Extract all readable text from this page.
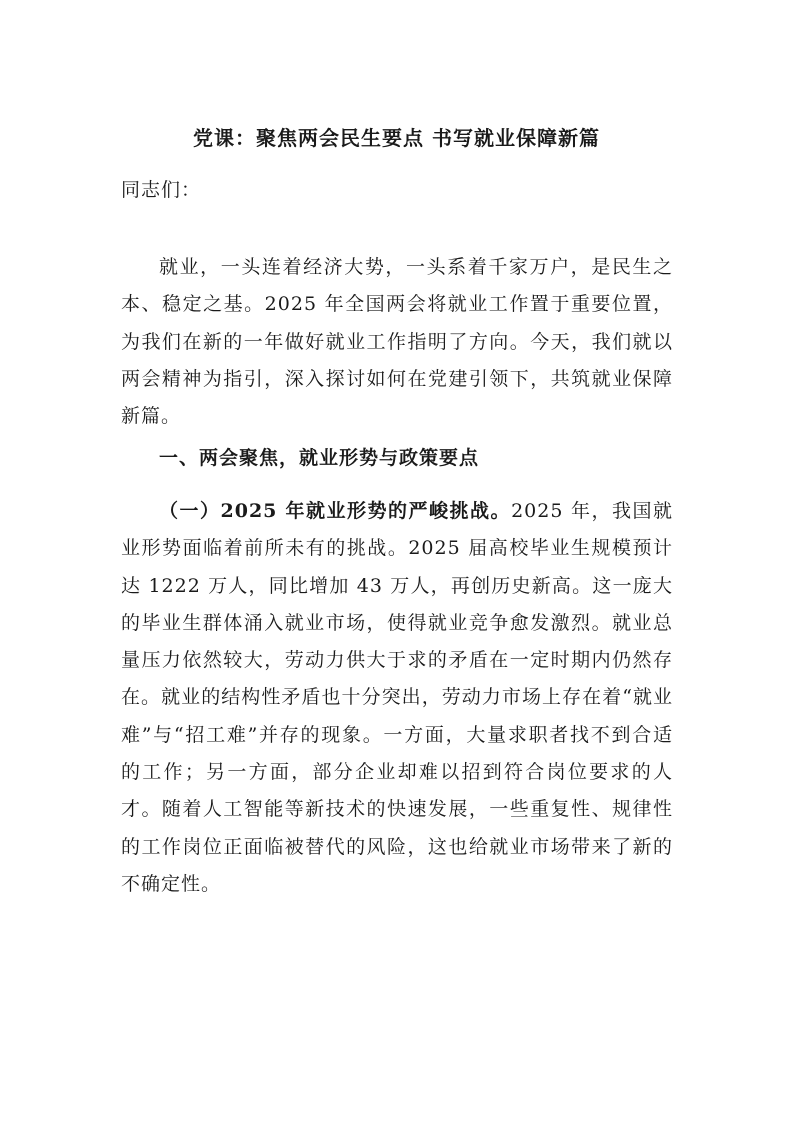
党课：聚焦两会民生要点 书写就业保障新篇

同志们：

就业，一头连着经济大势，一头系着千家万户，是民生之本、稳定之基。2025 年全国两会将就业工作置于重要位置，为我们在新的一年做好就业工作指明了方向。今天，我们就以两会精神为指引，深入探讨如何在党建引领下，共筑就业保障新篇。

一、两会聚焦，就业形势与政策要点

（一）2025 年就业形势的严峻挑战。2025 年，我国就业形势面临着前所未有的挑战。2025 届高校毕业生规模预计达 1222 万人，同比增加 43 万人，再创历史新高。这一庞大的毕业生群体涌入就业市场，使得就业竞争愈发激烈。就业总量压力依然较大，劳动力供大于求的矛盾在一定时期内仍然存在。就业的结构性矛盾也十分突出，劳动力市场上存在着“就业难”与“招工难”并存的现象。一方面，大量求职者找不到合适的工作；另一方面，部分企业却难以招到符合岗位要求的人才。随着人工智能等新技术的快速发展，一些重复性、规律性的工作岗位正面临被替代的风险，这也给就业市场带来了新的不确定性。
